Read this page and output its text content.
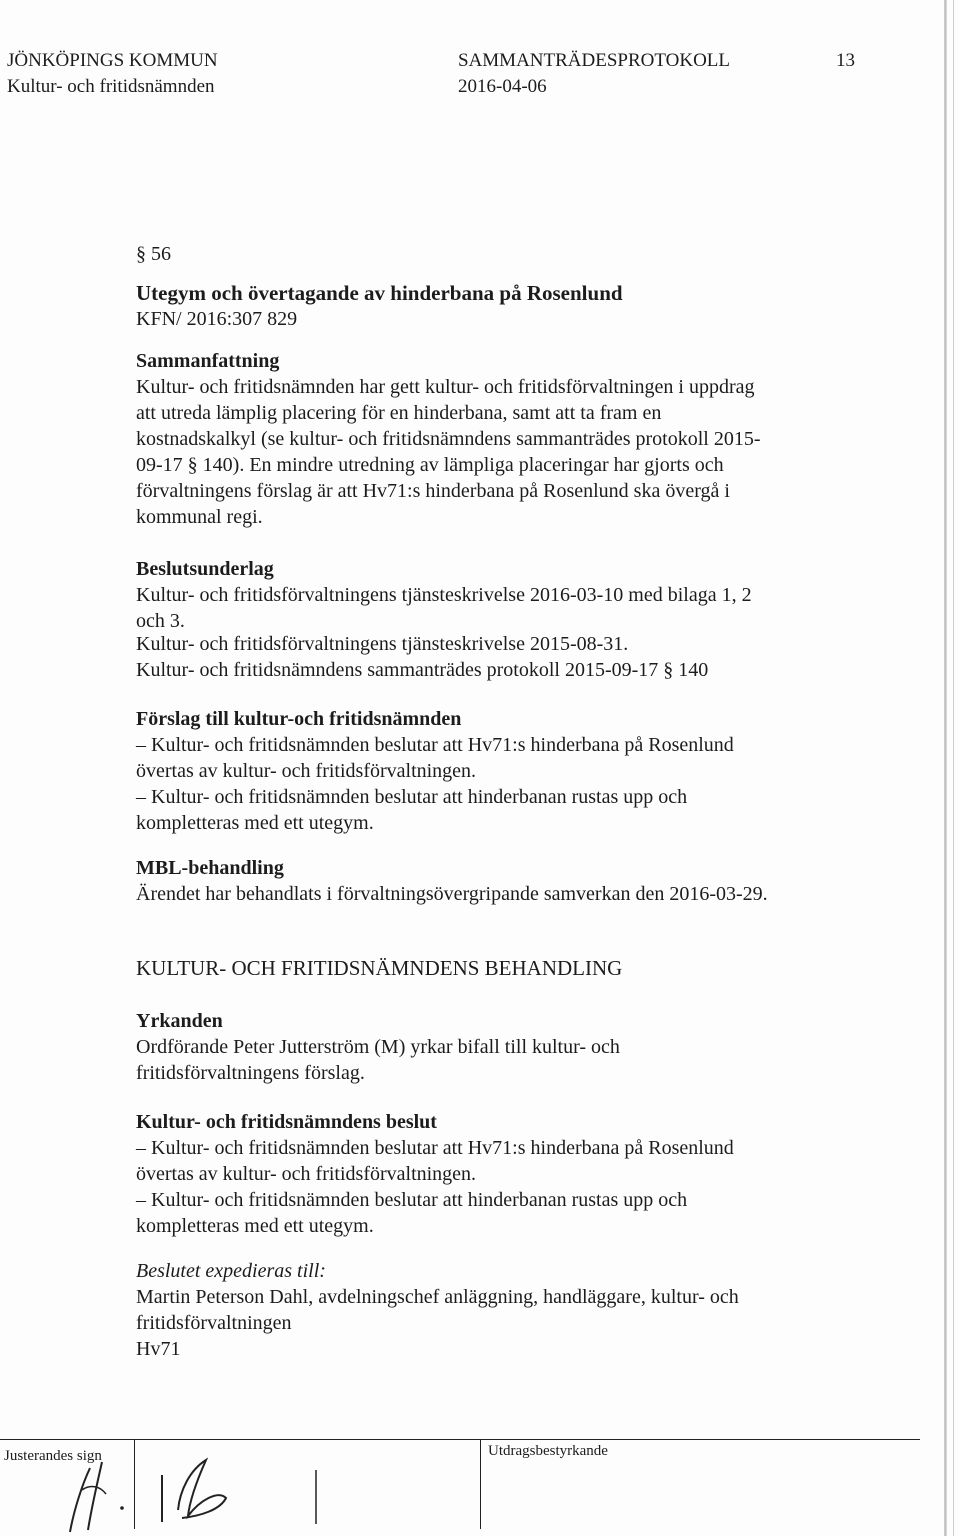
JÖNKÖPINGS KOMMUN
Kultur- och fritidsnämnden
SAMMANTRÄDESPROTOKOLL
2016-04-06
13
§ 56
Utegym och övertagande av hinderbana på Rosenlund
KFN/ 2016:307 829
Sammanfattning
Kultur- och fritidsnämnden har gett kultur- och fritidsförvaltningen i uppdrag
att utreda lämplig placering för en hinderbana, samt att ta fram en
kostnadskalkyl (se kultur- och fritidsnämndens sammanträdes protokoll 2015-
09-17 § 140). En mindre utredning av lämpliga placeringar har gjorts och
förvaltningens förslag är att Hv71:s hinderbana på Rosenlund ska övergå i
kommunal regi.
Beslutsunderlag
Kultur- och fritidsförvaltningens tjänsteskrivelse 2016-03-10 med bilaga 1, 2
och 3.
Kultur- och fritidsförvaltningens tjänsteskrivelse 2015-08-31.
Kultur- och fritidsnämndens sammanträdes protokoll 2015-09-17 § 140
Förslag till kultur-och fritidsnämnden
– Kultur- och fritidsnämnden beslutar att Hv71:s hinderbana på Rosenlund
övertas av kultur- och fritidsförvaltningen.
– Kultur- och fritidsnämnden beslutar att hinderbanan rustas upp och
kompletteras med ett utegym.
MBL-behandling
Ärendet har behandlats i förvaltningsövergripande samverkan den 2016-03-29.
KULTUR- OCH FRITIDSNÄMNDENS BEHANDLING
Yrkanden
Ordförande Peter Jutterström (M) yrkar bifall till kultur- och
fritidsförvaltningens förslag.
Kultur- och fritidsnämndens beslut
– Kultur- och fritidsnämnden beslutar att Hv71:s hinderbana på Rosenlund
övertas av kultur- och fritidsförvaltningen.
– Kultur- och fritidsnämnden beslutar att hinderbanan rustas upp och
kompletteras med ett utegym.
Beslutet expedieras till:
Martin Peterson Dahl, avdelningschef anläggning, handläggare, kultur- och
fritidsförvaltningen
Hv71
Justerandes sign	Utdragsbestyrkande
